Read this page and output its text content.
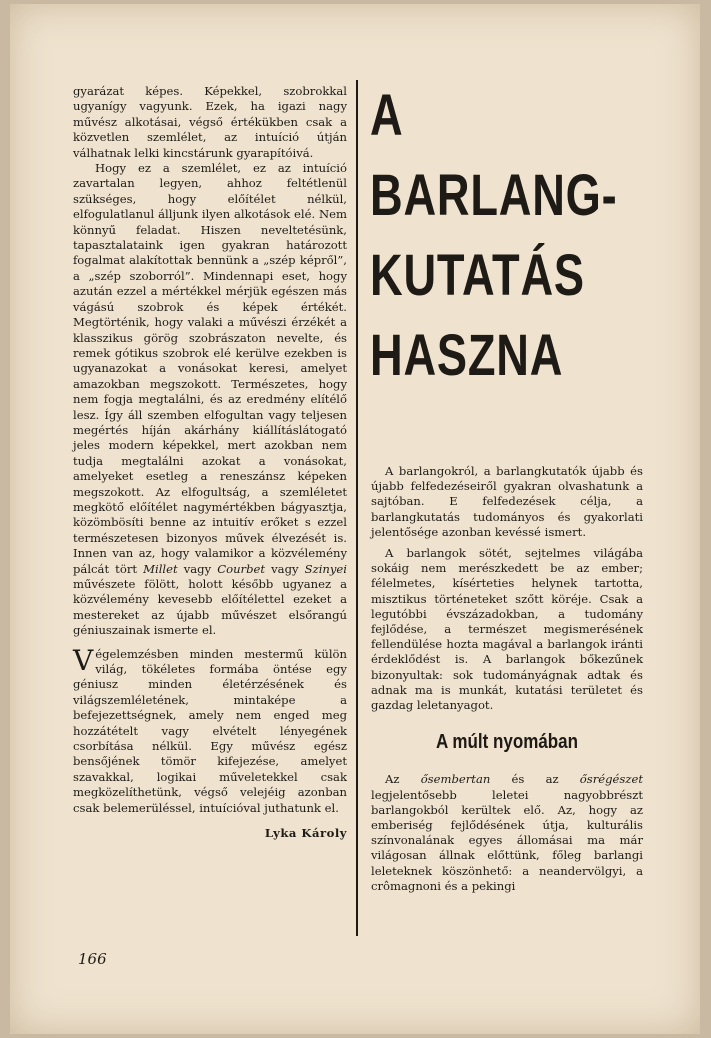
gyarázat képes. Képekkel, szobrokkal ugyanígy vagyunk. Ezek, ha igazi nagy művész alkotásai, végső értékükben csak a közvetlen szemlélet, az intuíció útján válhatnak lelki kincstárunk gyarapítóivá.

Hogy ez a szemlélet, ez az intuíció zavartalan legyen, ahhoz feltétlenül szükséges, hogy előítélet nélkül, elfogulatlanul álljunk ilyen alkotások elé. Nem könnyű feladat. Hiszen neveltetésünk, tapasztalataink igen gyakran határozott fogalmat alakítottak bennünk a „szép képről”, a „szép szoborról”. Mindennapi eset, hogy azután ezzel a mértékkel mérjük egészen más vágású szobrok és képek értékét. Megtörténik, hogy valaki a művészi érzékét a klasszikus görög szobrászaton nevelte, és remek gótikus szobrok elé kerülve ezekben is ugyanazokat a vonásokat keresi, amelyet amazokban megszokott. Természetes, hogy nem fogja megtalálni, és az eredmény elítélő lesz. Így áll szemben elfogultan vagy teljesen megértés híján akárhány kiállításlátogató jeles modern képekkel, mert azokban nem tudja megtalálni azokat a vonásokat, amelyeket esetleg a reneszánsz képeken megszokott. Az elfogultság, a szemléletet megkötő előítélet nagymértékben bágyasztja, közömbösíti benne az intuitív erőket s ezzel természetesen bizonyos művek élvezését is. Innen van az, hogy valamikor a közvélemény pálcát tört Millet vagy Courbet vagy Szinyei művészete fölött, holott később ugyanez a közvélemény kevesebb előítélettel ezeket a mestereket az újabb művészet elsőrangú géniuszainak ismerte el.

Végelemzésben minden mestermű külön világ, tökéletes formába öntése egy géniusz minden életérzésének és világszemléletének, mintaképe a befejezettségnek, amely nem enged meg hozzátételt vagy elvételt lényegének csorbítása nélkül. Egy művész egész bensőjének tömör kifejezése, amelyet szavakkal, logikai műveletekkel csak megközelíthetünk, végső velejéig azonban csak belemerüléssel, intuícióval juthatunk el.

Lyka Károly
A
BARLANG-
KUTATÁS
HASZNA

A barlangokról, a barlangkutatók újabb és újabb felfedezéseiről gyakran olvashatunk a sajtóban. E felfedezések célja, a barlangkutatás tudományos és gyakorlati jelentősége azonban kevéssé ismert.

A barlangok sötét, sejtelmes világába sokáig nem merészkedett be az ember; félelmetes, kísérteties helynek tartotta, misztikus történeteket szőtt köréje. Csak a legutóbbi évszázadokban, a tudomány fejlődése, a természet megismerésének fellendülése hozta magával a barlangok iránti érdeklődést is. A barlangok bőkezűnek bizonyultak: sok tudományágnak adtak és adnak ma is munkát, kutatási területet és gazdag leletanyagot.

A múlt nyomában

Az ősembertan és az ősrégészet legjelentősebb leletei nagyobbrészt barlangokból kerültek elő. Az, hogy az emberiség fejlődésének útja, kulturális színvonalának egyes állomásai ma már világosan állnak előttünk, főleg barlangi leleteknek köszönhető: a neandervölgyi, a crômagnoni és a pekingi

166
